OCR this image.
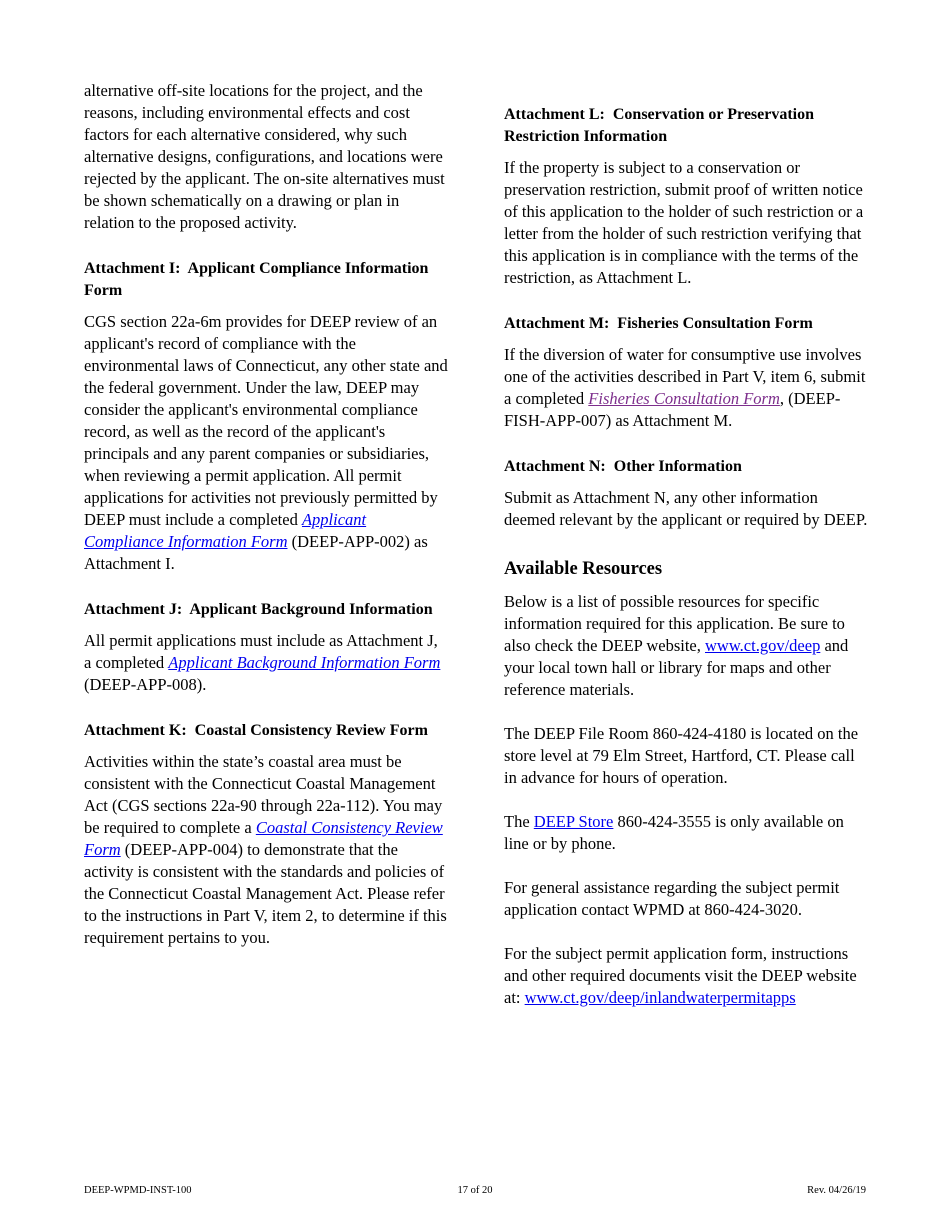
alternative off-site locations for the project, and the reasons, including environmental effects and cost factors for each alternative considered, why such alternative designs, configurations, and locations were rejected by the applicant. The on-site alternatives must be shown schematically on a drawing or plan in relation to the proposed activity.

Attachment I:  Applicant Compliance Information Form

CGS section 22a-6m provides for DEEP review of an applicant's record of compliance with the environmental laws of Connecticut, any other state and the federal government. Under the law, DEEP may consider the applicant's environmental compliance record, as well as the record of the applicant's principals and any parent companies or subsidiaries, when reviewing a permit application. All permit applications for activities not previously permitted by DEEP must include a completed Applicant Compliance Information Form (DEEP-APP-002) as Attachment I.

Attachment J:  Applicant Background Information

All permit applications must include as Attachment J, a completed Applicant Background Information Form (DEEP-APP-008).

Attachment K:  Coastal Consistency Review Form

Activities within the state’s coastal area must be consistent with the Connecticut Coastal Management Act (CGS sections 22a-90 through 22a-112). You may be required to complete a Coastal Consistency Review Form (DEEP-APP-004) to demonstrate that the activity is consistent with the standards and policies of the Connecticut Coastal Management Act. Please refer to the instructions in Part V, item 2, to determine if this requirement pertains to you.

Attachment L:  Conservation or Preservation Restriction Information

If the property is subject to a conservation or preservation restriction, submit proof of written notice of this application to the holder of such restriction or a letter from the holder of such restriction verifying that this application is in compliance with the terms of the restriction, as Attachment L.

Attachment M:  Fisheries Consultation Form

If the diversion of water for consumptive use involves one of the activities described in Part V, item 6, submit a completed Fisheries Consultation Form, (DEEP-FISH-APP-007) as Attachment M.

Attachment N:  Other Information

Submit as Attachment N, any other information deemed relevant by the applicant or required by DEEP.

Available Resources

Below is a list of possible resources for specific information required for this application. Be sure to also check the DEEP website, www.ct.gov/deep and your local town hall or library for maps and other reference materials.

The DEEP File Room 860-424-4180 is located on the store level at 79 Elm Street, Hartford, CT. Please call in advance for hours of operation.

The DEEP Store 860-424-3555 is only available on line or by phone.

For general assistance regarding the subject permit application contact WPMD at 860-424-3020.

For the subject permit application form, instructions and other required documents visit the DEEP website at: www.ct.gov/deep/inlandwaterpermitapps

DEEP-WPMD-INST-100	17 of 20	Rev. 04/26/19
